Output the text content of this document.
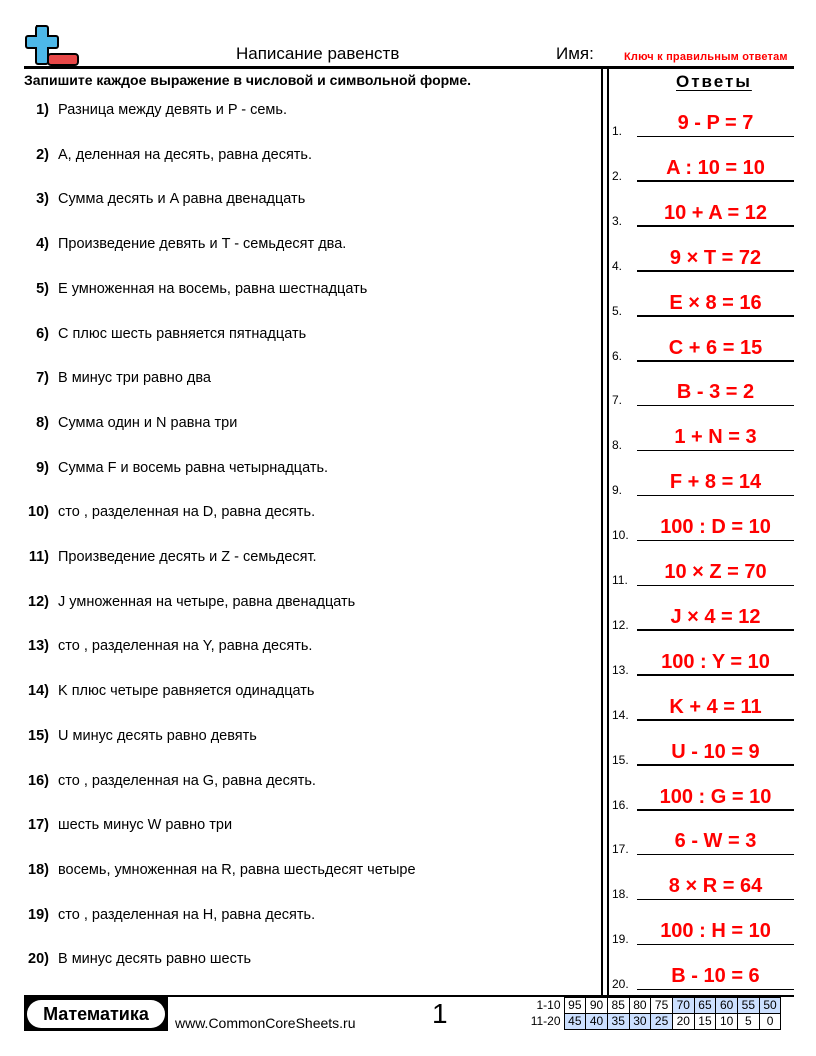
Написание равенств	Имя:	Ключ к правильным ответам
Запишите каждое выражение в числовой и символьной форме.	Ответы
1) Разница между девять и P - семь.
2) A, деленная на десять, равна десять.
3) Сумма десять и A равна двенадцать
4) Произведение девять и T - семьдесят два.
5) E умноженная на восемь, равна шестнадцать
6) C плюс шесть равняется пятнадцать
7) B минус три равно два
8) Сумма один и N равна три
9) Сумма F и восемь равна четырнадцать.
10) сто , разделенная на D, равна десять.
11) Произведение десять и Z - семьдесят.
12) J умноженная на четыре, равна двенадцать
13) сто , разделенная на Y, равна десять.
14) K плюс четыре равняется одинадцать
15) U минус десять равно девять
16) сто , разделенная на G, равна десять.
17) шесть минус W равно три
18) восемь, умноженная на R, равна шестьдесят четыре
19) сто , разделенная на H, равна десять.
20) B минус десять равно шесть
1.	9 - P = 7
2.	A : 10 = 10
3.	10 + A = 12
4.	9 × T = 72
5.	E × 8 = 16
6.	C + 6 = 15
7.	B - 3 = 2
8.	1 + N = 3
9.	F + 8 = 14
10.	100 : D = 10
11.	10 × Z = 70
12.	J × 4 = 12
13.	100 : Y = 10
14.	K + 4 = 11
15.	U - 10 = 9
16.	100 : G = 10
17.	6 - W = 3
18.	8 × R = 64
19.	100 : H = 10
20.	B - 10 = 6
Математика	www.CommonCoreSheets.ru	1	1-10	95	90	85	80	75	70	65	60	55	50
11-20	45	40	35	30	25	20	15	10	5	0
